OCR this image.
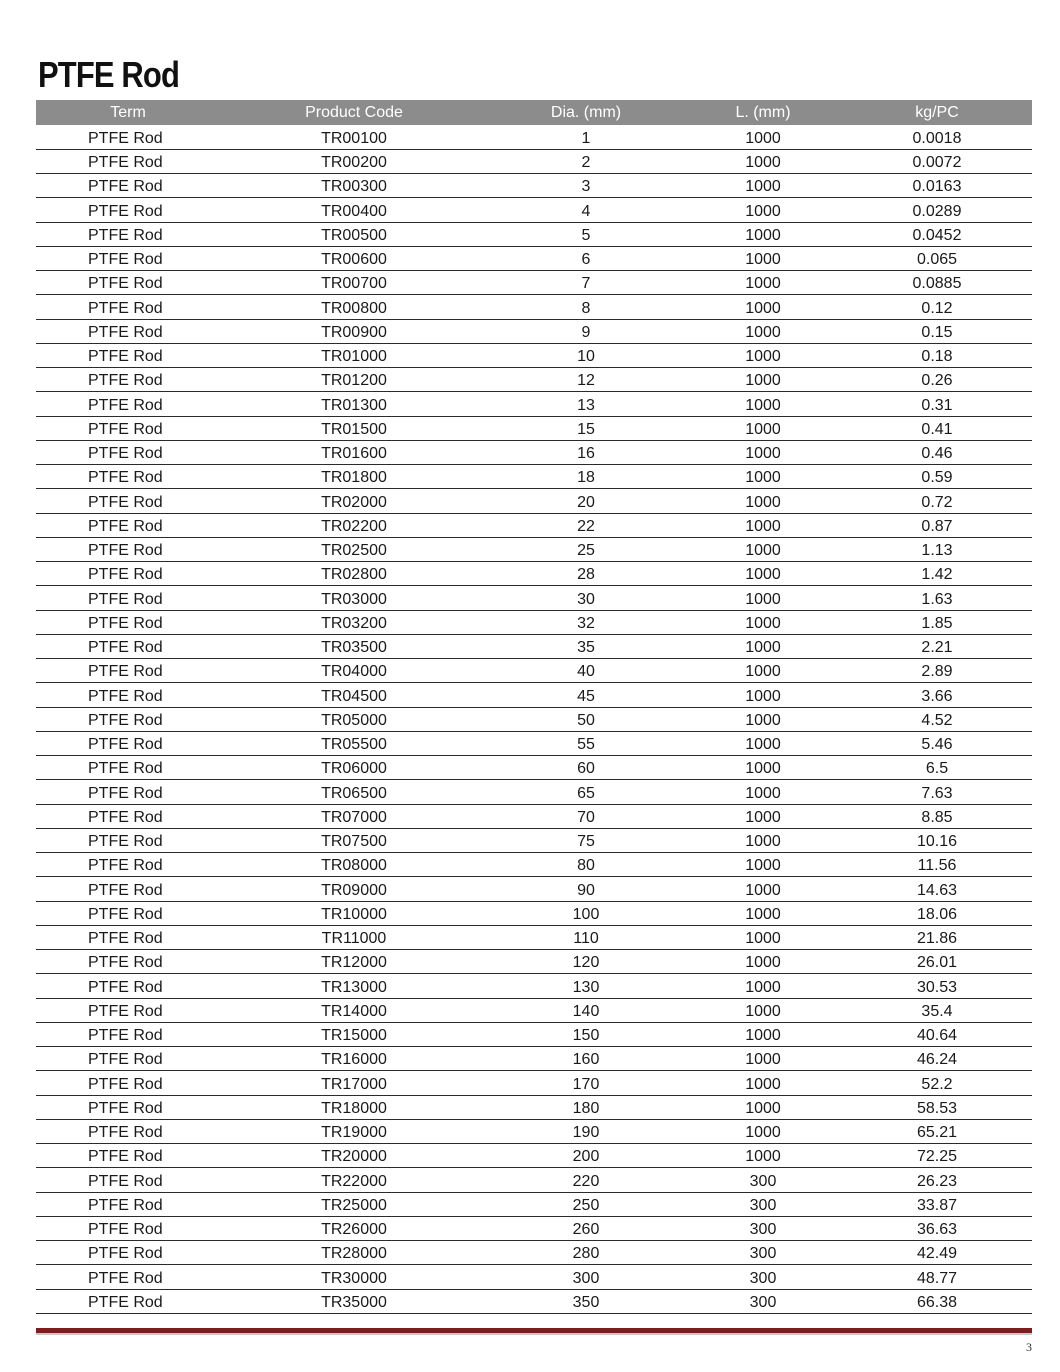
PTFE Rod
Term	Product Code	Dia. (mm)	L. (mm)	kg/PC
PTFE Rod	TR00100	1	1000	0.0018
PTFE Rod	TR00200	2	1000	0.0072
PTFE Rod	TR00300	3	1000	0.0163
PTFE Rod	TR00400	4	1000	0.0289
PTFE Rod	TR00500	5	1000	0.0452
PTFE Rod	TR00600	6	1000	0.065
PTFE Rod	TR00700	7	1000	0.0885
PTFE Rod	TR00800	8	1000	0.12
PTFE Rod	TR00900	9	1000	0.15
PTFE Rod	TR01000	10	1000	0.18
PTFE Rod	TR01200	12	1000	0.26
PTFE Rod	TR01300	13	1000	0.31
PTFE Rod	TR01500	15	1000	0.41
PTFE Rod	TR01600	16	1000	0.46
PTFE Rod	TR01800	18	1000	0.59
PTFE Rod	TR02000	20	1000	0.72
PTFE Rod	TR02200	22	1000	0.87
PTFE Rod	TR02500	25	1000	1.13
PTFE Rod	TR02800	28	1000	1.42
PTFE Rod	TR03000	30	1000	1.63
PTFE Rod	TR03200	32	1000	1.85
PTFE Rod	TR03500	35	1000	2.21
PTFE Rod	TR04000	40	1000	2.89
PTFE Rod	TR04500	45	1000	3.66
PTFE Rod	TR05000	50	1000	4.52
PTFE Rod	TR05500	55	1000	5.46
PTFE Rod	TR06000	60	1000	6.5
PTFE Rod	TR06500	65	1000	7.63
PTFE Rod	TR07000	70	1000	8.85
PTFE Rod	TR07500	75	1000	10.16
PTFE Rod	TR08000	80	1000	11.56
PTFE Rod	TR09000	90	1000	14.63
PTFE Rod	TR10000	100	1000	18.06
PTFE Rod	TR11000	110	1000	21.86
PTFE Rod	TR12000	120	1000	26.01
PTFE Rod	TR13000	130	1000	30.53
PTFE Rod	TR14000	140	1000	35.4
PTFE Rod	TR15000	150	1000	40.64
PTFE Rod	TR16000	160	1000	46.24
PTFE Rod	TR17000	170	1000	52.2
PTFE Rod	TR18000	180	1000	58.53
PTFE Rod	TR19000	190	1000	65.21
PTFE Rod	TR20000	200	1000	72.25
PTFE Rod	TR22000	220	300	26.23
PTFE Rod	TR25000	250	300	33.87
PTFE Rod	TR26000	260	300	36.63
PTFE Rod	TR28000	280	300	42.49
PTFE Rod	TR30000	300	300	48.77
PTFE Rod	TR35000	350	300	66.38
3
